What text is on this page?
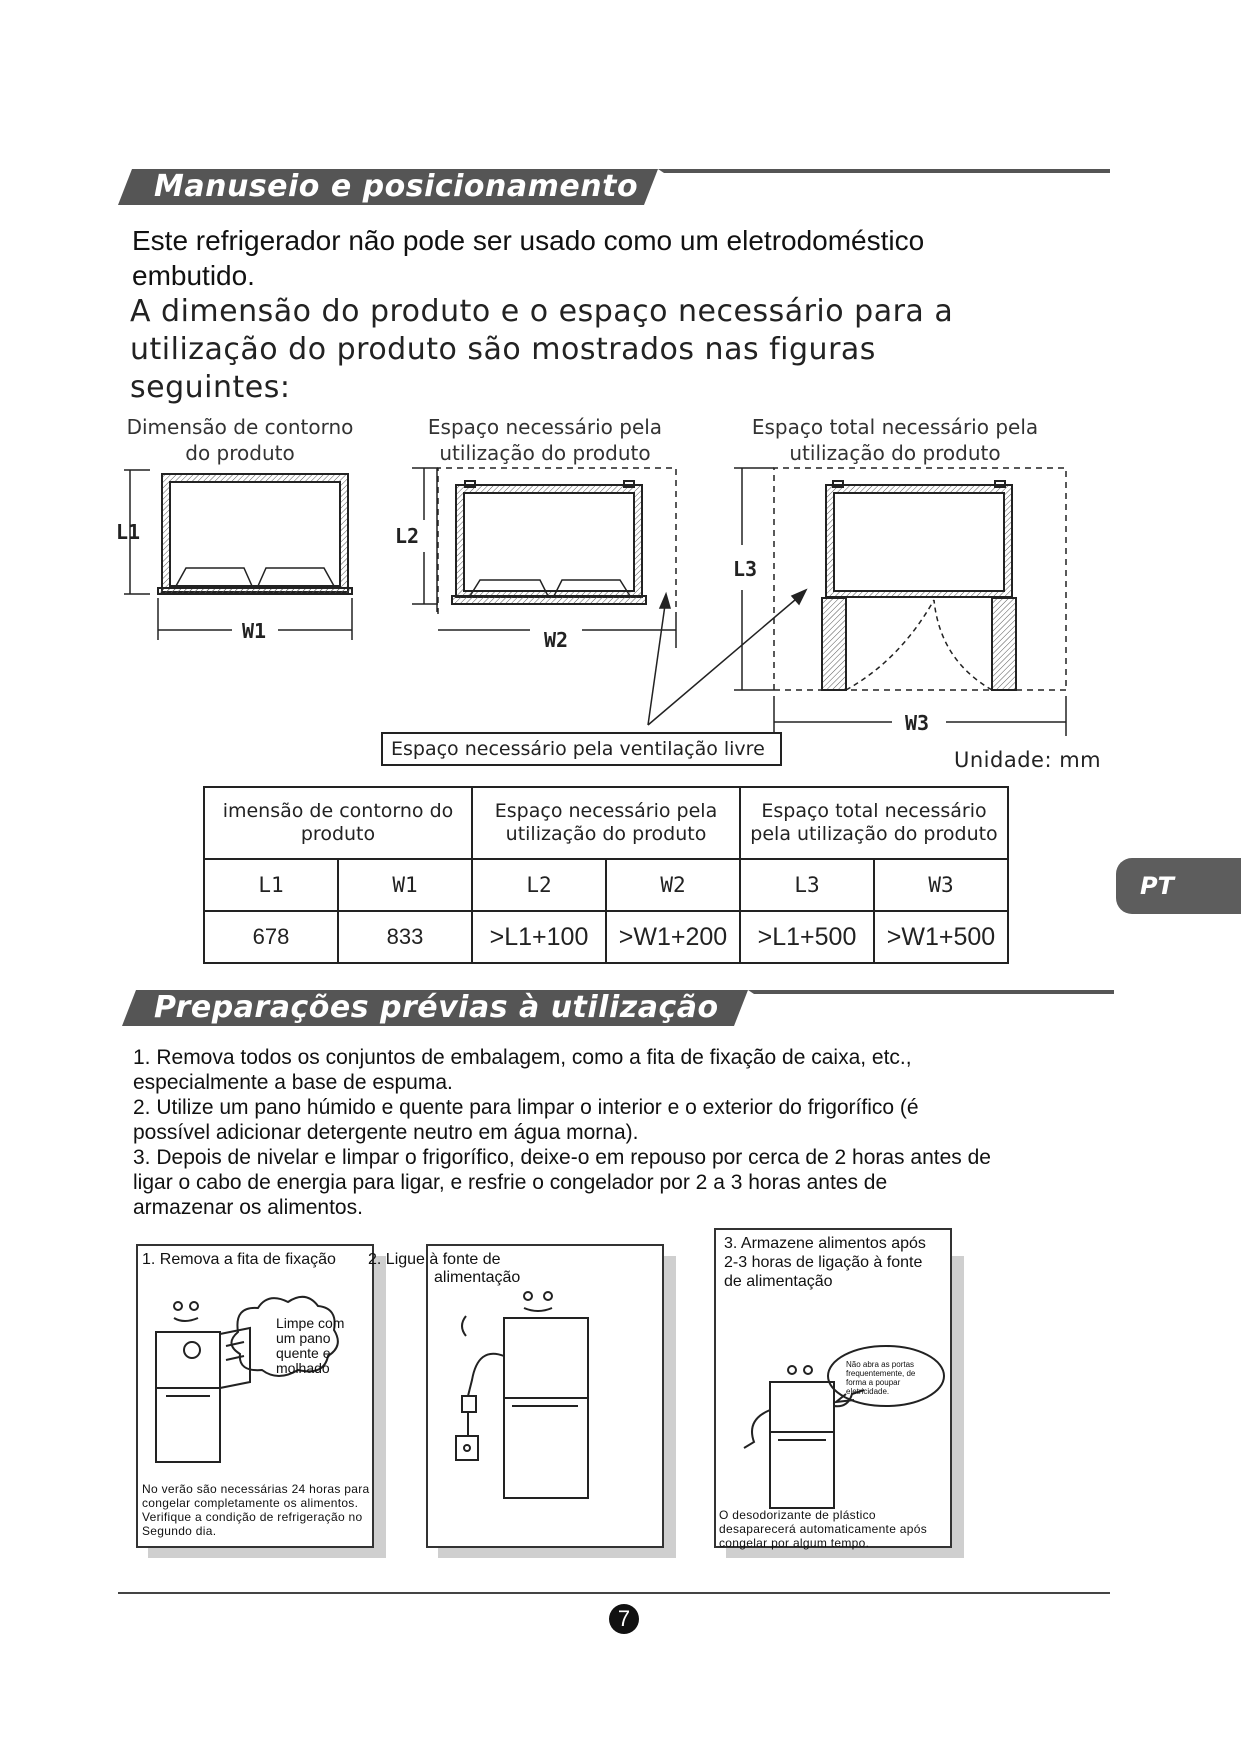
Manuseio e posicionamento
Este refrigerador não pode ser usado como um eletrodoméstico embutido.
A dimensão do produto e o espaço necessário para a utilização do produto são mostrados nas figuras seguintes:
Dimensão de contorno do produto
Espaço necessário pela utilização do produto
Espaço total necessário pela utilização do produto
L1
W1
L2
W2
L3
W3
Espaço necessário pela ventilação livre	Unidade: mm
imensão de contorno do produto		Espaço necessário pela utilização do produto		Espaço total necessário pela utilização do produto	
L1	W1	L2	W2	L3	W3
678	833	>L1+100	>W1+200	>L1+500	>W1+500
PT
Preparações prévias à utilização

1. Remova todos os conjuntos de embalagem, como a fita de fixação de caixa, etc., especialmente a base de espuma.

2. Utilize um pano húmido e quente para limpar o interior e o exterior do frigorífico (é possível adicionar detergente neutro em água morna).

3. Depois de nivelar e limpar o frigorífico, deixe-o em repouso por cerca de 2 horas antes de ligar o cabo de energia para ligar, e resfrie o congelador por 2 a 3 horas antes de armazenar os alimentos.

1. Remova a fita de fixação
Limpe com um pano quente e molhado
No verão são necessárias 24 horas para congelar completamente os alimentos. Verifique a condição de refrigeração no Segundo dia.
2. Ligue à fonte de
alimentação
3. Armazene alimentos após 2-3 horas de ligação à fonte de alimentação
Não abra as portas frequentemente, de forma a poupar eletricidade.
O desodorizante de plástico desaparecerá automaticamente após congelar por algum tempo.
7
